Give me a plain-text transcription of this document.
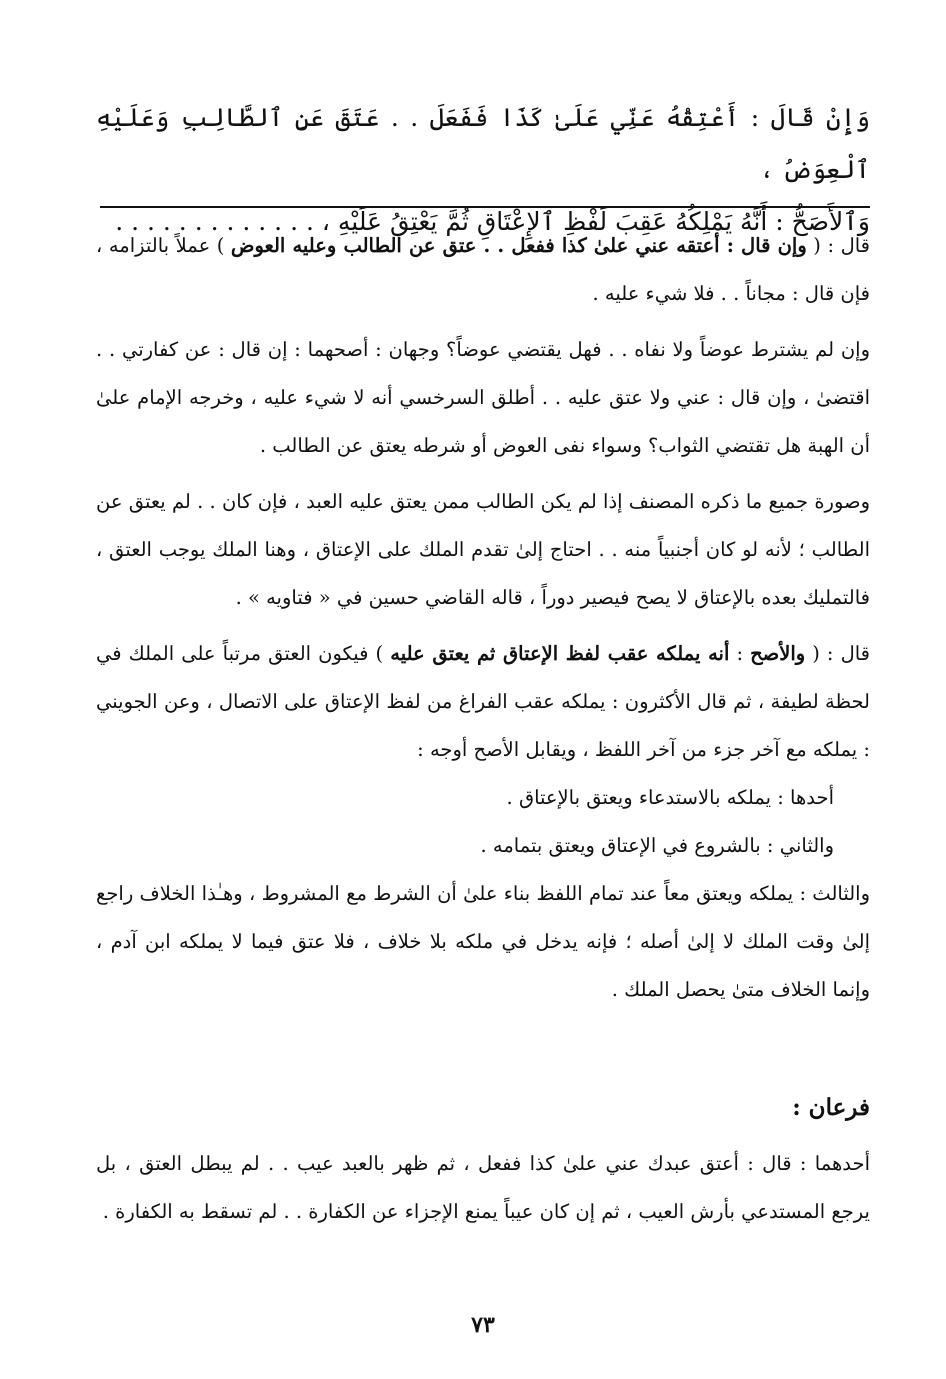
وَإِنْ قَالَ : أَعْتِقْهُ عَنِّي عَلَىٰ كَذَا فَفَعَلَ . . عَتَقَ عَنِ ٱلطَّالِبِ وَعَلَيْهِ ٱلْعِوَضُ ،

وَٱلأَصَحُّ : أَنَّهُ يَمْلِكُهُ عَقِبَ لَفْظِ ٱلإِعْتَاقِ ثُمَّ يَعْتِقُ عَلَيْهِ ، . . . . . . . . . . . . .

قال : ( وإن قال : أعتقه عني علىٰ كذا ففعل . . عتق عن الطالب وعليه العوض ) عملاً بالتزامه ، فإن قال : مجاناً . . فلا شيء عليه .

وإن لم يشترط عوضاً ولا نفاه . . فهل يقتضي عوضاً؟ وجهان : أصحهما : إن قال : عن كفارتي . . اقتضىٰ ، وإن قال : عني ولا عتق عليه . . أطلق السرخسي أنه لا شيء عليه ، وخرجه الإمام علىٰ أن الهبة هل تقتضي الثواب؟ وسواء نفى العوض أو شرطه يعتق عن الطالب .

وصورة جميع ما ذكره المصنف إذا لم يكن الطالب ممن يعتق عليه العبد ، فإن كان . . لم يعتق عن الطالب ؛ لأنه لو كان أجنبياً منه . . احتاج إلىٰ تقدم الملك على الإعتاق ، وهنا الملك يوجب العتق ، فالتمليك بعده بالإعتاق لا يصح فيصير دوراً ، قاله القاضي حسين في « فتاويه » .

قال : ( والأصح : أنه يملكه عقب لفظ الإعتاق ثم يعتق عليه ) فيكون العتق مرتباً على الملك في لحظة لطيفة ، ثم قال الأكثرون : يملكه عقب الفراغ من لفظ الإعتاق على الاتصال ، وعن الجويني : يملكه مع آخر جزء من آخر اللفظ ، ويقابل الأصح أوجه :

أحدها : يملكه بالاستدعاء ويعتق بالإعتاق .

والثاني : بالشروع في الإعتاق ويعتق بتمامه .

والثالث : يملكه ويعتق معاً عند تمام اللفظ بناء علىٰ أن الشرط مع المشروط ، وهـٰذا الخلاف راجع إلىٰ وقت الملك لا إلىٰ أصله ؛ فإنه يدخل في ملكه بلا خلاف ، فلا عتق فيما لا يملكه ابن آدم ، وإنما الخلاف متىٰ يحصل الملك .

فرعان :

أحدهما : قال : أعتق عبدك عني علىٰ كذا ففعل ، ثم ظهر بالعبد عيب . . لم يبطل العتق ، بل يرجع المستدعي بأرش العيب ، ثم إن كان عيباً يمنع الإجزاء عن الكفارة . . لم تسقط به الكفارة .

٧٣
